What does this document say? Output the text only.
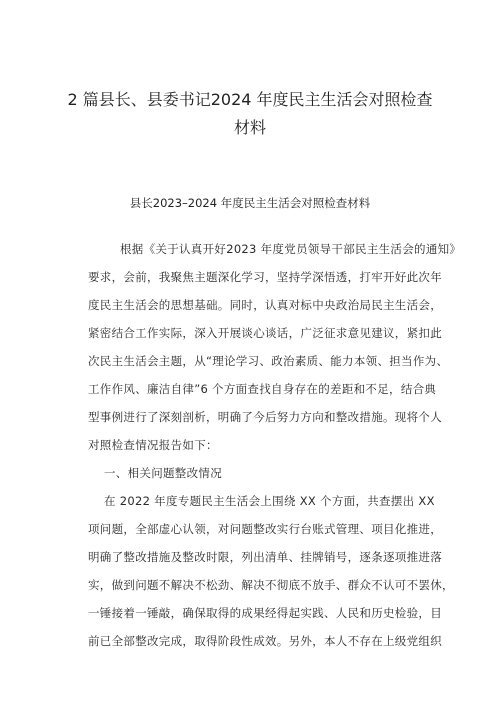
2 篇县长、县委书记2024 年度民主生活会对照检查
材料
县长2023–2024 年度民主生活会对照检查材料
根据《关于认真开好2023 年度党员领导干部民主生活会的通知》
要求，会前，我聚焦主题深化学习，坚持学深悟透，打牢开好此次年
度民主生活会的思想基础。同时，认真对标中央政治局民主生活会，
紧密结合工作实际，深入开展谈心谈话，广泛征求意见建议，紧扣此
次民主生活会主题，从“理论学习、政治素质、能力本领、担当作为、
工作作风、廉洁自律”6 个方面查找自身存在的差距和不足，结合典
型事例进行了深刻剖析，明确了今后努力方向和整改措施。现将个人
对照检查情况报告如下：
一、相关问题整改情况
在 2022 年度专题民主生活会上围绕 XX 个方面，共查摆出 XX
项问题，全部虚心认领，对问题整改实行台账式管理、项目化推进，
明确了整改措施及整改时限，列出清单、挂牌销号，逐条逐项推进落
实，做到问题不解决不松劲、解决不彻底不放手、群众不认可不罢休，
一锤接着一锤敲，确保取得的成果经得起实践、人民和历史检验，目
前已全部整改完成，取得阶段性成效。另外，本人不存在上级党组织
